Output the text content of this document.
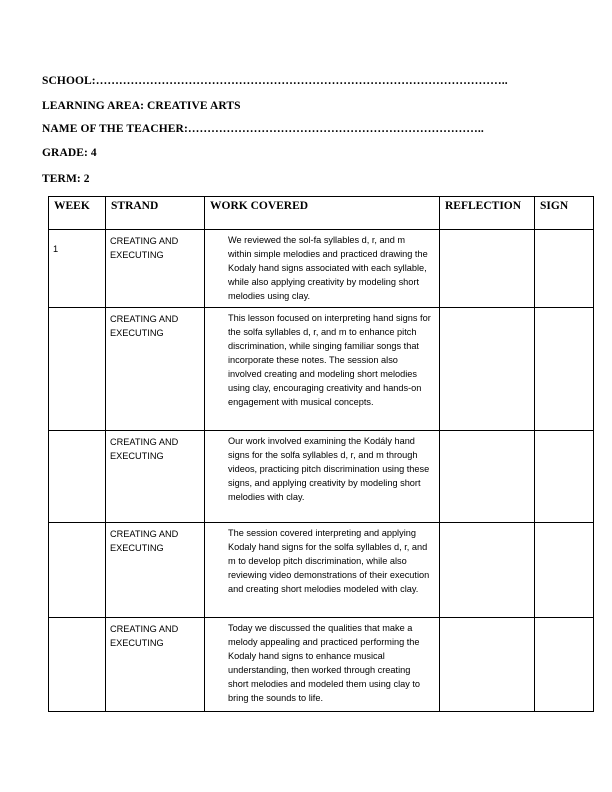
SCHOOL:……………………………………………………………………………………………..
LEARNING AREA: CREATIVE ARTS
NAME OF THE TEACHER:…………………………………………………………………..
GRADE: 4
TERM: 2
WEEK	STRAND	WORK COVERED	REFLECTION	SIGN

1	CREATING AND EXECUTING	We reviewed the sol-fa syllables d, r, and m within simple melodies and practiced drawing the Kodaly hand signs associated with each syllable, while also applying creativity by modeling short melodies using clay.		

	CREATING AND EXECUTING	This lesson focused on interpreting hand signs for the solfa syllables d, r, and m to enhance pitch discrimination, while singing familiar songs that incorporate these notes. The session also involved creating and modeling short melodies using clay, encouraging creativity and hands-on engagement with musical concepts.		

	CREATING AND EXECUTING	Our work involved examining the Kodály hand signs for the solfa syllables d, r, and m through videos, practicing pitch discrimination using these signs, and applying creativity by modeling short melodies with clay.		

	CREATING AND EXECUTING	The session covered interpreting and applying Kodaly hand signs for the solfa syllables d, r, and m to develop pitch discrimination, while also reviewing video demonstrations of their execution and creating short melodies modeled with clay.		

	CREATING AND EXECUTING	Today we discussed the qualities that make a melody appealing and practiced performing the Kodaly hand signs to enhance musical understanding, then worked through creating short melodies and modeled them using clay to bring the sounds to life.		
